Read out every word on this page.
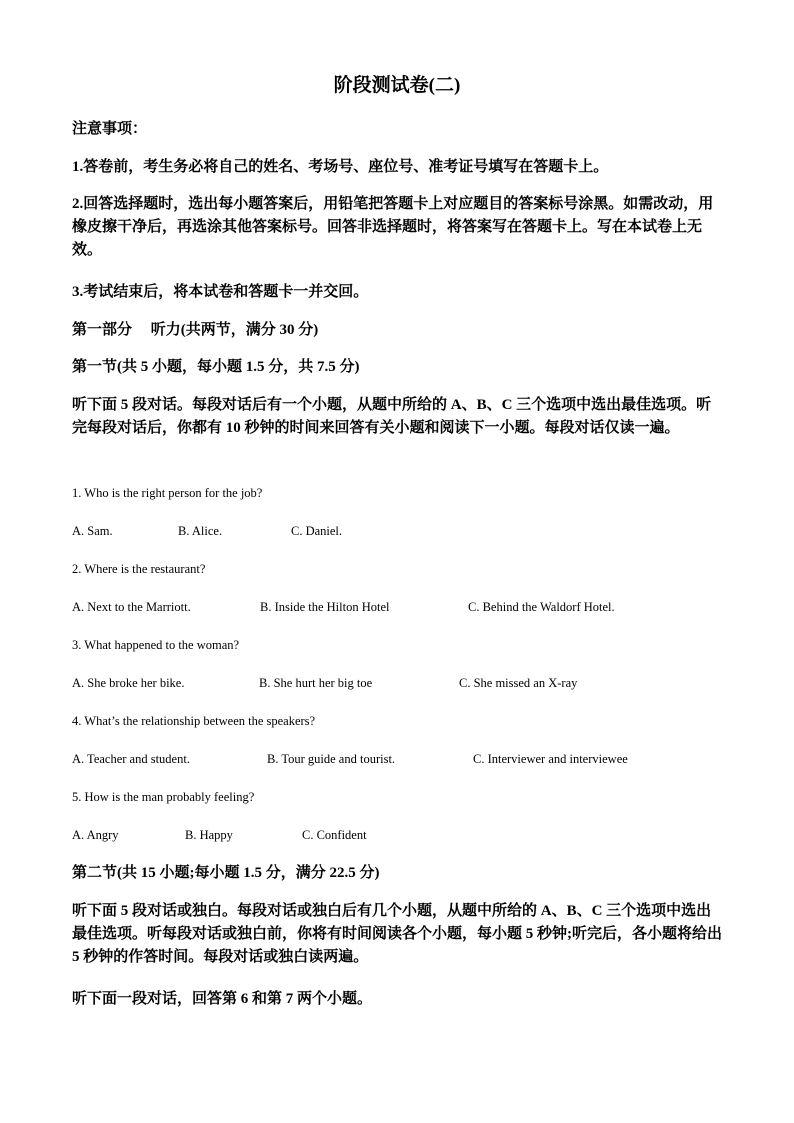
阶段测试卷(二)
注意事项：
1.答卷前，考生务必将自己的姓名、考场号、座位号、准考证号填写在答题卡上。
2.回答选择题时，选出每小题答案后，用铅笔把答题卡上对应题目的答案标号涂黑。如需改动，用橡皮擦干净后，再选涂其他答案标号。回答非选择题时，将答案写在答题卡上。写在本试卷上无效。
3.考试结束后，将本试卷和答题卡一并交回。
第一部分　 听力(共两节，满分 30 分)
第一节(共 5 小题，每小题 1.5 分，共 7.5 分)
听下面 5 段对话。每段对话后有一个小题，从题中所给的 A、B、C 三个选项中选出最佳选项。听完每段对话后，你都有 10 秒钟的时间来回答有关小题和阅读下一小题。每段对话仅读一遍。
1. Who is the right person for the job?
A. Sam.	B. Alice.	C. Daniel.
2. Where is the restaurant?
A. Next to the Marriott.	B. Inside the Hilton Hotel	C. Behind the Waldorf Hotel.
3. What happened to the woman?
A. She broke her bike.	B. She hurt her big toe	C. She missed an X-ray
4. What’s the relationship between the speakers?
A. Teacher and student.	B. Tour guide and tourist.	C. Interviewer and interviewee
5. How is the man probably feeling?
A. Angry	B. Happy	C. Confident
第二节(共 15 小题;每小题 1.5 分，满分 22.5 分)
听下面 5 段对话或独白。每段对话或独白后有几个小题，从题中所给的 A、B、C 三个选项中选出最佳选项。听每段对话或独白前，你将有时间阅读各个小题，每小题 5 秒钟;听完后，各小题将给出 5 秒钟的作答时间。每段对话或独白读两遍。
听下面一段对话，回答第 6 和第 7 两个小题。
